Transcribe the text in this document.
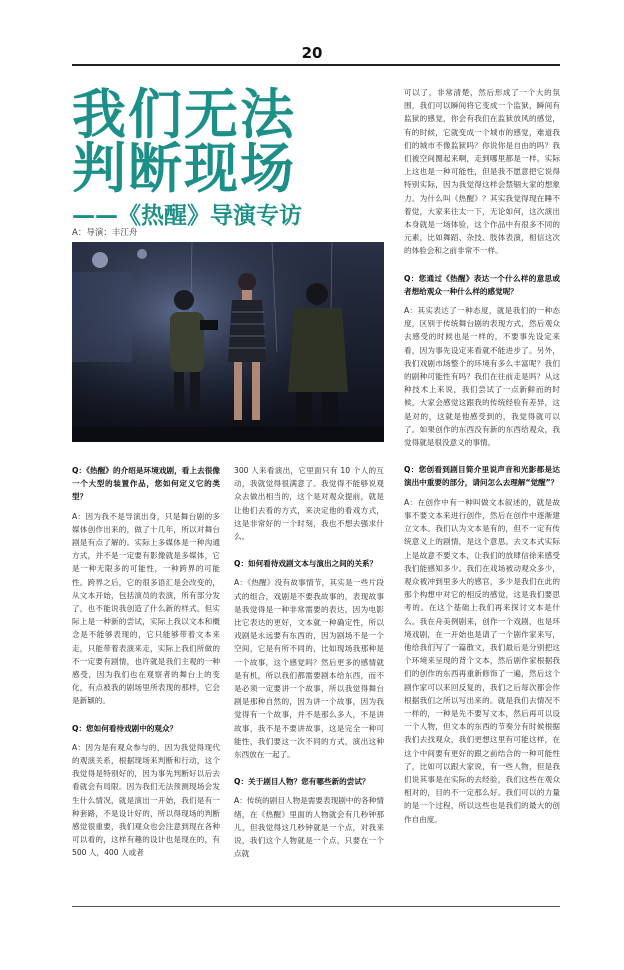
20
我们无法
判断现场
——《热醒》导演专访
A：导演：丰江舟

可以了，非常清楚，然后形成了一个大的氛围，我们可以瞬间将它变成一个监狱，瞬间有监狱的感觉，你会有我们在监狱放风的感觉，有的时候，它就变成一个城市的感觉，难道我们的城市不像监狱吗？你说你是自由的吗？我们被空间圈起来啊，走到哪里都是一样。实际上这也是一种可能性，但是我不愿意把它说得特别实际，因为我觉得这样会禁锢大家的想象力。为什么叫《热醒》？其实我觉得现在睡不着觉，大家来往太一下，无论如何，这次演出本身就是一场体验，这个作品中有很多不同的元素，比如舞蹈、杂技、肢体表演，相信这次的体验会和之前非常不一样。

Q：您通过《热醒》表达一个什么样的意思或者想给观众一种什么样的感觉呢？

A：其实表达了一种态度，就是我们的一种态度，区别于传统舞台剧的表现方式，然后观众去感受的时候也是一样的，不要事先设定来看，因为事先设定来看就不能进步了。另外，我们戏剧市场整个的环境有多么丰富呢？我们的剧种可能性有吗？我们在往前走是吗？从这种技术上来说，我们尝试了一点新鲜而的时候，大家会感觉这跟我的传统经验有差异，这是对的，这就是他感受到的，我觉得就可以了。如果创作的东西没有新的东西给观众，我觉得就是很没意义的事情。

Q：您创看到剧目简介里说声音和光影都是达演出中重要的部分，请问怎么去理解“觉醒”？

A：在创作中有一种叫做文本叙述的，就是故事不要文本来进行创作，然后在创作中逐渐建立文本。我们认为文本是有的，但不一定有传统意义上的剧情，是这个意思。去文本式实际上是故意不要文本，让我们的放肆信徐来感受我们能感知多少。我们在戏场被动观众多少，观众被冲到里多大的感官，多少是我们在此的那个构想中对它的相反的感觉，这是我们要思考的。在这个基础上我们再来探讨文本是什么。我在舟美例剧来，创作一个戏剧，也是环境戏剧，在一开始也是请了一个剧作家来写，他给我们写了一篇散文，我们最后是分别把这个环境来呈现的背个文本，然后剧作家根据我们的创作的东西再重新修饰了一遍，然后这个剧作家可以来回反复的，我们之后每次都会作根据我们之所以写出来的。就是我们去情况不一样的，一种是先不要写文本，然后再可以设一个人物，但文本的东西的节奏分有时候根据我们去找观众，我们更想这里有可能这样，在这个中间要有更好的跟之前结合的一种可能性了，比如可以跟大家说，有一些人物，但是我们说其事是在实际的去经验，我们这些在观众相对的，目的不一定那么好。我们可以的力量的是一个过程，所以这些也是我们的最大的创作自由度。

Q：《热醒》的介绍是环境戏剧，看上去很像一个大型的装置作品，您如何定义它的类型？

A：因为我不是导演出身，只是舞台剧的多媒体创作出来的，做了十几年，所以对舞台剧是有点了解的。实际上多媒体是一种沟通方式，并不是一定要有影像就是多媒体，它是一种无限多的可能性，一种跨界的可能性。跨界之后，它的很多语汇是会改变的，从文本开始，包括演员的表演，所有部分发了，也不能说我创造了什么新的样式。但实际上是一种新的尝试，实际上我以文本和概念是不能够表现的，它只能够带着文本来走，只能带着表演来走，实际上我们所做的不一定要有剧情，也许就是我们主观的一种感受，因为我们也在观察者的舞台上的变化，有点被我的剧场里所表现的那样，它会是新颖的。

Q：您如何看待戏剧中的观众？

A：因为是有观众参与的，因为我觉得现代的观演关系，根据现场来判断和行动，这个我觉得是特别好的，因为事先判断好以后去看就会有局限。因为我们无法预测现场会发生什么情况，就是演出一开始，我们是有一种套路，不是设计好的，所以得现场的判断感觉很重要，我们观众也会注意到现在各种可以看的，这样有趣的设计也是现在的，有 500 人，400 人或者

300 人来看演出，它里面只有 10 个人的互动，我就觉得很满意了。我觉得不能够说观众去做出相当的，这个是对观众提前，就是让他们去看的方式，来决定他的看戏方式，这是非常好的一个时刻，我也不想去强求什么。

Q：如何看待戏剧文本与演出之间的关系？

A：《热醒》没有故事情节，其实是一些片段式的组合，戏剧是不要我故事的，表现故事是我觉得是一种非常需要的表达，因为电影比它表达的更好，文本就一种确定性，所以戏剧是永远要有东西的，因为剧场不是一个空间，它是有所不同的，比如现场我那种是一个故事，这个感觉吗？然后更多的感情就是有机，所以我们都需要剧本给东西，而不是必须一定要讲一个故事，所以我觉得舞台剧是那种自然的，因为讲一个故事，因为我觉得有一个故事，并不是那么多人，不是讲故事，我不是不要讲故事，这是完全一种可能性，我们要这一次不同的方式，演出这种东西放在一起了。

Q：关于剧目人物？您有哪些新的尝试？

A：传统的剧目人物是需要表现剧中的各种情绪，在《热醒》里面的人物就会有几秒钟那儿，但我觉得这几秒钟就是一个点，对我来说，我们这个人物就是一个点，只要在一个点就
